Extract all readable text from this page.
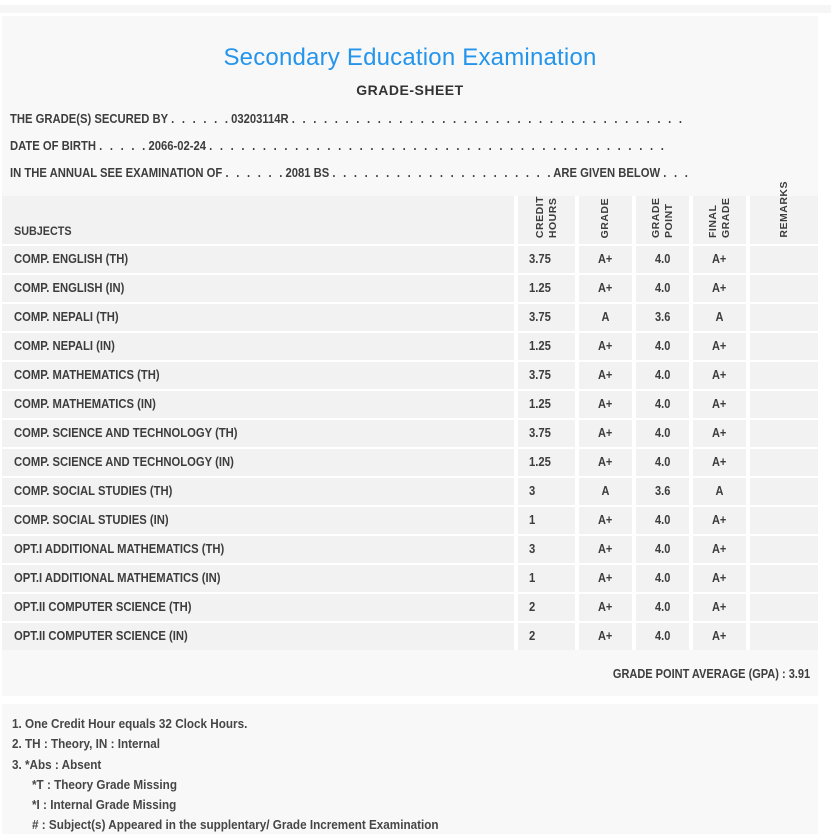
Secondary Education Examination
GRADE-SHEET
THE GRADE(S) SECURED BY . . . . . . 03203114R . . . . . . . . . . . . . . . . . . . . . . . . . . . . . . . . . . . . .
DATE OF BIRTH . . . . . 2066-02-24 . . . . . . . . . . . . . . . . . . . . . . . . . . . . . . . . . . . . . . . . . . .
IN THE ANNUAL SEE EXAMINATION OF . . . . . . 2081 BS . . . . . . . . . . . . . . . . . . . . . ARE GIVEN BELOW . . .
SUBJECTS	CREDIT HOURS	GRADE	GRADE POINT	FINAL GRADE	REMARKS
COMP. ENGLISH (TH)	3.75	A+	4.0	A+
COMP. ENGLISH (IN)	1.25	A+	4.0	A+
COMP. NEPALI (TH)	3.75	A	3.6	A
COMP. NEPALI (IN)	1.25	A+	4.0	A+
COMP. MATHEMATICS (TH)	3.75	A+	4.0	A+
COMP. MATHEMATICS (IN)	1.25	A+	4.0	A+
COMP. SCIENCE AND TECHNOLOGY (TH)	3.75	A+	4.0	A+
COMP. SCIENCE AND TECHNOLOGY (IN)	1.25	A+	4.0	A+
COMP. SOCIAL STUDIES (TH)	3	A	3.6	A
COMP. SOCIAL STUDIES (IN)	1	A+	4.0	A+
OPT.I ADDITIONAL MATHEMATICS (TH)	3	A+	4.0	A+
OPT.I ADDITIONAL MATHEMATICS (IN)	1	A+	4.0	A+
OPT.II COMPUTER SCIENCE (TH)	2	A+	4.0	A+
OPT.II COMPUTER SCIENCE (IN)	2	A+	4.0	A+
GRADE POINT AVERAGE (GPA) : 3.91
1. One Credit Hour equals 32 Clock Hours.
2. TH : Theory, IN : Internal
3. *Abs : Absent
*T : Theory Grade Missing
*I : Internal Grade Missing
# : Subject(s) Appeared in the supplentary/ Grade Increment Examination
